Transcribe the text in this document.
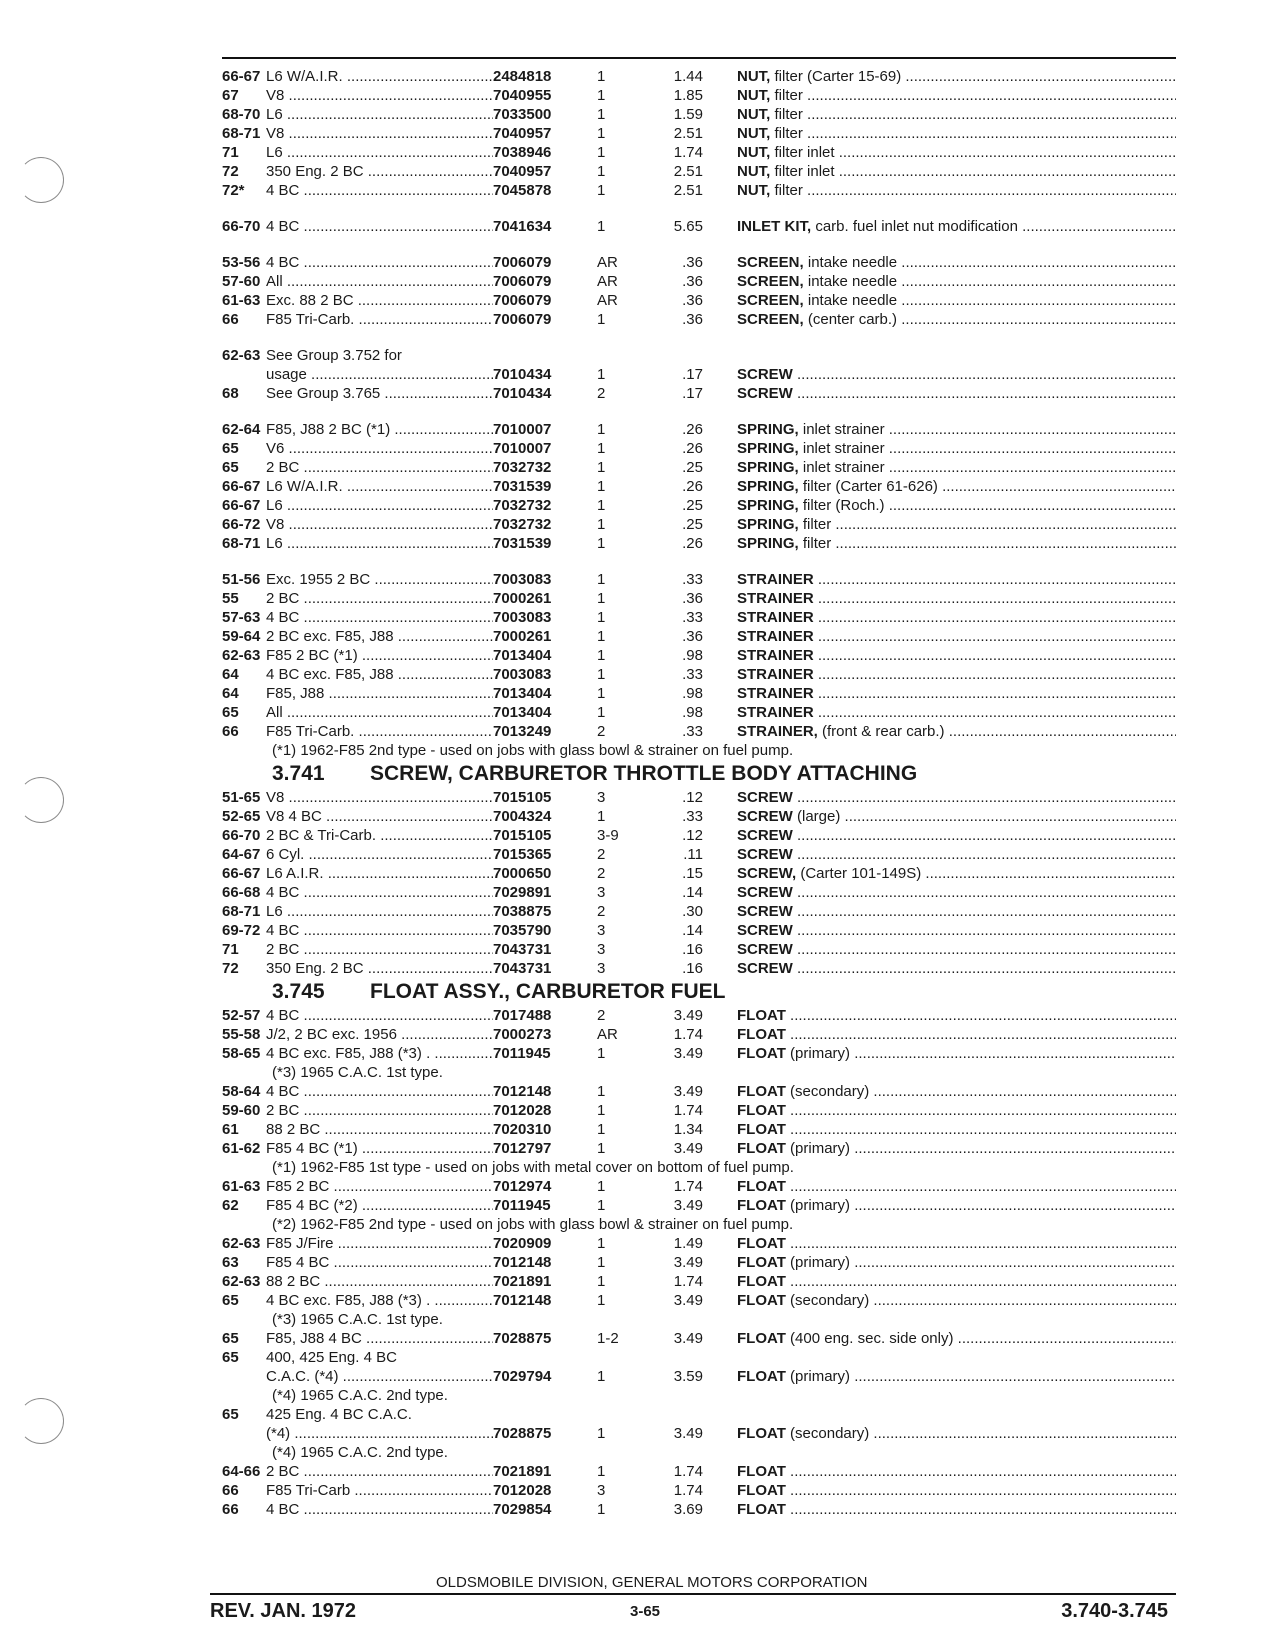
66-67 L6 W/A.I.R. .....	2484818	1	1.44	NUT, filter (Carter 15-69) .....
67	V8 .....	7040955	1	1.85	NUT, filter .....
68-70 L6 .....	7033500	1	1.59	NUT, filter .....
68-71 V8 .....	7040957	1	2.51	NUT, filter .....
71	L6 .....	7038946	1	1.74	NUT, filter inlet .....
72	350 Eng. 2 BC .....	7040957	1	2.51	NUT, filter inlet .....
72*	4 BC .....	7045878	1	2.51	NUT, filter .....
66-70 4 BC .....	7041634	1	5.65	INLET KIT, carb. fuel inlet nut modification .....
53-56 4 BC .....	7006079	AR	.36	SCREEN, intake needle .....
57-60 All .....	7006079	AR	.36	SCREEN, intake needle .....
61-63 Exc. 88 2 BC .....	7006079	AR	.36	SCREEN, intake needle .....
66	F85 Tri-Carb. .....	7006079	1	.36	SCREEN, (center carb.) .....
62-63 See Group 3.752 for
usage .....	7010434	1	.17	SCREW .....
68	See Group 3.765 .....	7010434	2	.17	SCREW .....
62-64 F85, J88 2 BC (*1) .....	7010007	1	.26	SPRING, inlet strainer .....
65	V6 .....	7010007	1	.26	SPRING, inlet strainer .....
65	2 BC .....	7032732	1	.25	SPRING, inlet strainer .....
66-67 L6 W/A.I.R. .....	7031539	1	.26	SPRING, filter (Carter 61-626) .....
66-67 L6 .....	7032732	1	.25	SPRING, filter (Roch.) .....
66-72 V8 .....	7032732	1	.25	SPRING, filter .....
68-71 L6 .....	7031539	1	.26	SPRING, filter .....
51-56 Exc. 1955 2 BC .....	7003083	1	.33	STRAINER .....
55	2 BC .....	7000261	1	.36	STRAINER .....
57-63 4 BC .....	7003083	1	.33	STRAINER .....
59-64 2 BC exc. F85, J88 .....	7000261	1	.36	STRAINER .....
62-63 F85 2 BC (*1) .....	7013404	1	.98	STRAINER .....
64	4 BC exc. F85, J88 .....	7003083	1	.33	STRAINER .....
64	F85, J88 .....	7013404	1	.98	STRAINER .....
65	All .....	7013404	1	.98	STRAINER .....
66	F85 Tri-Carb. .....	7013249	2	.33	STRAINER, (front & rear carb.) .....
(*1) 1962-F85 2nd type - used on jobs with glass bowl & strainer on fuel pump.
3.741	SCREW, CARBURETOR THROTTLE BODY ATTACHING
51-65 V8 .....	7015105	3	.12	SCREW .....
52-65 V8 4 BC .....	7004324	1	.33	SCREW (large) .....
66-70 2 BC & Tri-Carb. .....	7015105	3-9	.12	SCREW .....
64-67 6 Cyl. .....	7015365	2	.11	SCREW .....
66-67 L6 A.I.R. .....	7000650	2	.15	SCREW, (Carter 101-149S) .....
66-68 4 BC .....	7029891	3	.14	SCREW .....
68-71 L6 .....	7038875	2	.30	SCREW .....
69-72 4 BC .....	7035790	3	.14	SCREW .....
71	2 BC .....	7043731	3	.16	SCREW .....
72	350 Eng. 2 BC .....	7043731	3	.16	SCREW .....
3.745	FLOAT ASSY., CARBURETOR FUEL
52-57 4 BC .....	7017488	2	3.49	FLOAT .....
55-58 J/2, 2 BC exc. 1956 .....	7000273	AR	1.74	FLOAT .....
58-65 4 BC exc. F85, J88 (*3) . .....	7011945	1	3.49	FLOAT (primary) .....
(*3) 1965 C.A.C. 1st type.
58-64 4 BC .....	7012148	1	3.49	FLOAT (secondary) .....
59-60 2 BC .....	7012028	1	1.74	FLOAT .....
61	88 2 BC .....	7020310	1	1.34	FLOAT .....
61-62 F85 4 BC (*1) .....	7012797	1	3.49	FLOAT (primary) .....
(*1) 1962-F85 1st type - used on jobs with metal cover on bottom of fuel pump.
61-63 F85 2 BC .....	7012974	1	1.74	FLOAT .....
62	F85 4 BC (*2) .....	7011945	1	3.49	FLOAT (primary) .....
(*2) 1962-F85 2nd type - used on jobs with glass bowl & strainer on fuel pump.
62-63 F85 J/Fire .....	7020909	1	1.49	FLOAT .....
63	F85 4 BC .....	7012148	1	3.49	FLOAT (primary) .....
62-63 88 2 BC .....	7021891	1	1.74	FLOAT .....
65	4 BC exc. F85, J88 (*3) . .....	7012148	1	3.49	FLOAT (secondary) .....
(*3) 1965 C.A.C. 1st type.
65	F85, J88 4 BC .....	7028875	1-2	3.49	FLOAT (400 eng. sec. side only) .....
65	400, 425 Eng. 4 BC
C.A.C. (*4) .....	7029794	1	3.59	FLOAT (primary) .....
(*4) 1965 C.A.C. 2nd type.
65	425 Eng. 4 BC C.A.C.
(*4) .....	7028875	1	3.49	FLOAT (secondary) .....
(*4) 1965 C.A.C. 2nd type.
64-66 2 BC .....	7021891	1	1.74	FLOAT .....
66	F85 Tri-Carb .....	7012028	3	1.74	FLOAT .....
66	4 BC .....	7029854	1	3.69	FLOAT .....
OLDSMOBILE DIVISION, GENERAL MOTORS CORPORATION
REV. JAN. 1972	3-65	3.740-3.745
